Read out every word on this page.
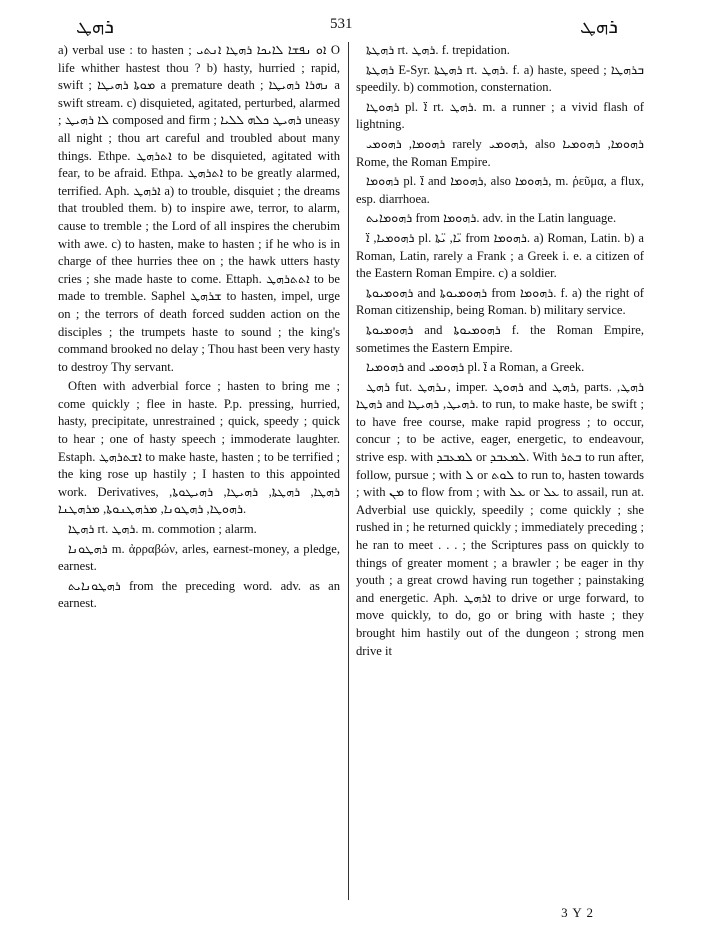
ܪܗܛ	531	ܪܗܛ

a) verbal use : to hasten ; ܐܘ ܢܦܫܐ ܠܐܝܟܐ ܪܗܛܐ ܐܢܬܝ O life whither hastest thou ? b) hasty, hurried ; rapid, swift ; ܡܘܬܐ ܪܗܝܛܐ a premature death ; ܢܗܪܐ ܪܗܝܛܐ a swift stream. c) disquieted, agitated, perturbed, alarmed ; ܠܐ ܪܗܝܛ composed and firm ; ܪܗܝܛ ܟܠܗ ܠܠܝܐ uneasy all night ; thou art careful and troubled about many things. Ethpe. ܐܬܪܗܛ to be disquieted, agitated with fear, to be afraid. Ethpa. ܐܬܪܗܛ to be greatly alarmed, terrified. Aph. ܐܪܗܛ a) to trouble, disquiet ; the dreams that troubled them. b) to inspire awe, terror, to alarm, cause to tremble ; the Lord of all inspires the cherubim with awe. c) to hasten, make to hasten ; if he who is in charge of thee hurries thee on ; the hawk utters hasty cries ; she made haste to come. Ettaph. ܐܬܬܪܗܛ to be made to tremble. Saphel ܫܪܗܛ to hasten, impel, urge on ; the terrors of death forced sudden action on the disciples ; the trumpets haste to sound ; the king's command brooked no delay ; Thou hast been very hasty to destroy Thy servant.

Often with adverbial force ; hasten to bring me ; come quickly ; flee in haste. P.p. pressing, hurried, hasty, precipitate, unrestrained ; quick, speedy ; quick to hear ; one of hasty speech ; immoderate laughter. Estaph. ܐܫܬܪܗܛ to make haste, hasten ; to be terrified ; the king rose up hastily ; I hasten to this appointed work. Derivatives, ܪܗܛܐ, ܪܗܛܬܐ, ܪܗܝܛܐ, ܪܗܝܛܘܬܐ, ܪܗܘܛܐ, ܪܗܛܘܢܐ, ܡܪܗܛܢܘܬܐ, ܡܪܗܛܢܐ.

ܪܗܛܐ rt. ܪܗܛ. m. commotion ; alarm.

ܪܗܛܘܢܐ m. ἀρραβών, arles, earnest-money, a pledge, earnest.

ܪܗܛܘܢܐܝܬ from the preceding word. adv. as an earnest.

ܪܗܛܬܐ rt. ܪܗܛ. f. trepidation.

ܪܗܛܬܐ E-Syr. ܪܗܛܬܐ rt. ܪܗܛ. f. a) haste, speed ; ܒܪܗܛܐ speedily. b) commotion, consternation.

ܪܗܘܛܐ pl. ܐ̈ rt. ܪܗܛ. m. a runner ; a vivid flash of lightning.

ܪܗܘܡܐ, ܪܗܘܡܝ rarely ܪܗܘܡܝ, also ܪܗܘܡܐ, ܪܗܘܡܝܐ Rome, the Roman Empire.

ܪܗܘܡܐ pl. ܐ̈ and ܪܗܘܡܐ, also ܪܗܘܡܐ, m. ῥεῦμα, a flux, esp. diarrhoea.

ܪܗܘܡܐܝܬ from ܪܗܘܡܐ. adv. in the Latin language.

ܪܗܘܡܝܐ, ܐ̈ pl. ܝ̈ܐ, ܝ̈ܬܐ from ܪܗܘܡܐ. a) Roman, Latin. b) a Roman, Latin, rarely a Frank ; a Greek i. e. a citizen of the Eastern Roman Empire. c) a soldier.

ܪܗܘܡܝܘܬܐ and ܪܗܘܡܝܘܬܐ from ܪܗܘܡܐ. f. a) the right of Roman citizenship, being Roman. b) military service.

ܪܗܘܡܝܘܬܐ and ܪܗܘܡܝܘܬܐ f. the Roman Empire, sometimes the Eastern Empire.

ܪܗܘܡܝܐ and ܪܗܘܡܝ pl. ܐ̈ a Roman, a Greek.

ܪܗܛ fut. ܢܪܗܛ, imper. ܪܗܘܛ and ܪܗܛ, parts. ܪܗܛ, ܪܗܛܐ and ܪܗܝܛ, ܪܗܝܛܐ. to run, to make haste, be swift ; to have free course, make rapid progress ; to occur, concur ; to be active, eager, energetic, to endeavour, strive esp. with ܠܡܥܒܕ or ܠܡܥܒܕ. With ܒܬܪ to run after, follow, pursue ; with ܠ or ܠܘܬ to run to, hasten towards ; with ܡܢ to flow from ; with ܥܠ or ܥܠ to assail, run at. Adverbial use quickly, speedily ; come quickly ; she rushed in ; he returned quickly ; immediately preceding ; he ran to meet . . . ; the Scriptures pass on quickly to things of greater moment ; a brawler ; be eager in thy youth ; a great crowd having run together ; painstaking and energetic. Aph. ܐܪܗܛ to drive or urge forward, to move quickly, to do, go or bring with haste ; they brought him hastily out of the dungeon ; strong men drive it

3 Y 2
